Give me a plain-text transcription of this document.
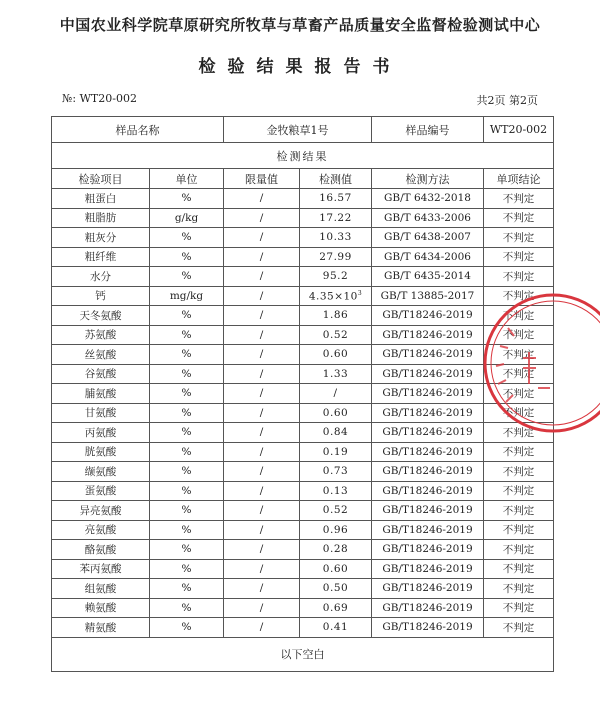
中国农业科学院草原研究所牧草与草畜产品质量安全监督检验测试中心
检验结果报告书
№: WT20-002	共2页 第2页
样品名称		金牧粮草1号		样品编号	WT20-002
检测结果					
检验项目	单位	限量值	检测值	检测方法	单项结论
粗蛋白	%	/	16.57	GB/T 6432-2018	不判定
粗脂肪	g/kg	/	17.22	GB/T 6433-2006	不判定
粗灰分	%	/	10.33	GB/T 6438-2007	不判定
粗纤维	%	/	27.99	GB/T 6434-2006	不判定
水分	%	/	95.2	GB/T 6435-2014	不判定
钙	mg/kg	/	$4.35\times 10^3$	GB/T 13885-2017	不判定
天冬氨酸	%	/	1.86	GB/T18246-2019	不判定
苏氨酸	%	/	0.52	GB/T18246-2019	不判定
丝氨酸	%	/	0.60	GB/T18246-2019	不判定
谷氨酸	%	/	1.33	GB/T18246-2019	不判定
脯氨酸	%	/	/	GB/T18246-2019	不判定
甘氨酸	%	/	0.60	GB/T18246-2019	不判定
丙氨酸	%	/	0.84	GB/T18246-2019	不判定
胱氨酸	%	/	0.19	GB/T18246-2019	不判定
缬氨酸	%	/	0.73	GB/T18246-2019	不判定
蛋氨酸	%	/	0.13	GB/T18246-2019	不判定
异亮氨酸	%	/	0.52	GB/T18246-2019	不判定
亮氨酸	%	/	0.96	GB/T18246-2019	不判定
酪氨酸	%	/	0.28	GB/T18246-2019	不判定
苯丙氨酸	%	/	0.60	GB/T18246-2019	不判定
组氨酸	%	/	0.50	GB/T18246-2019	不判定
赖氨酸	%	/	0.69	GB/T18246-2019	不判定
精氨酸	%	/	0.41	GB/T18246-2019	不判定
以下空白					
